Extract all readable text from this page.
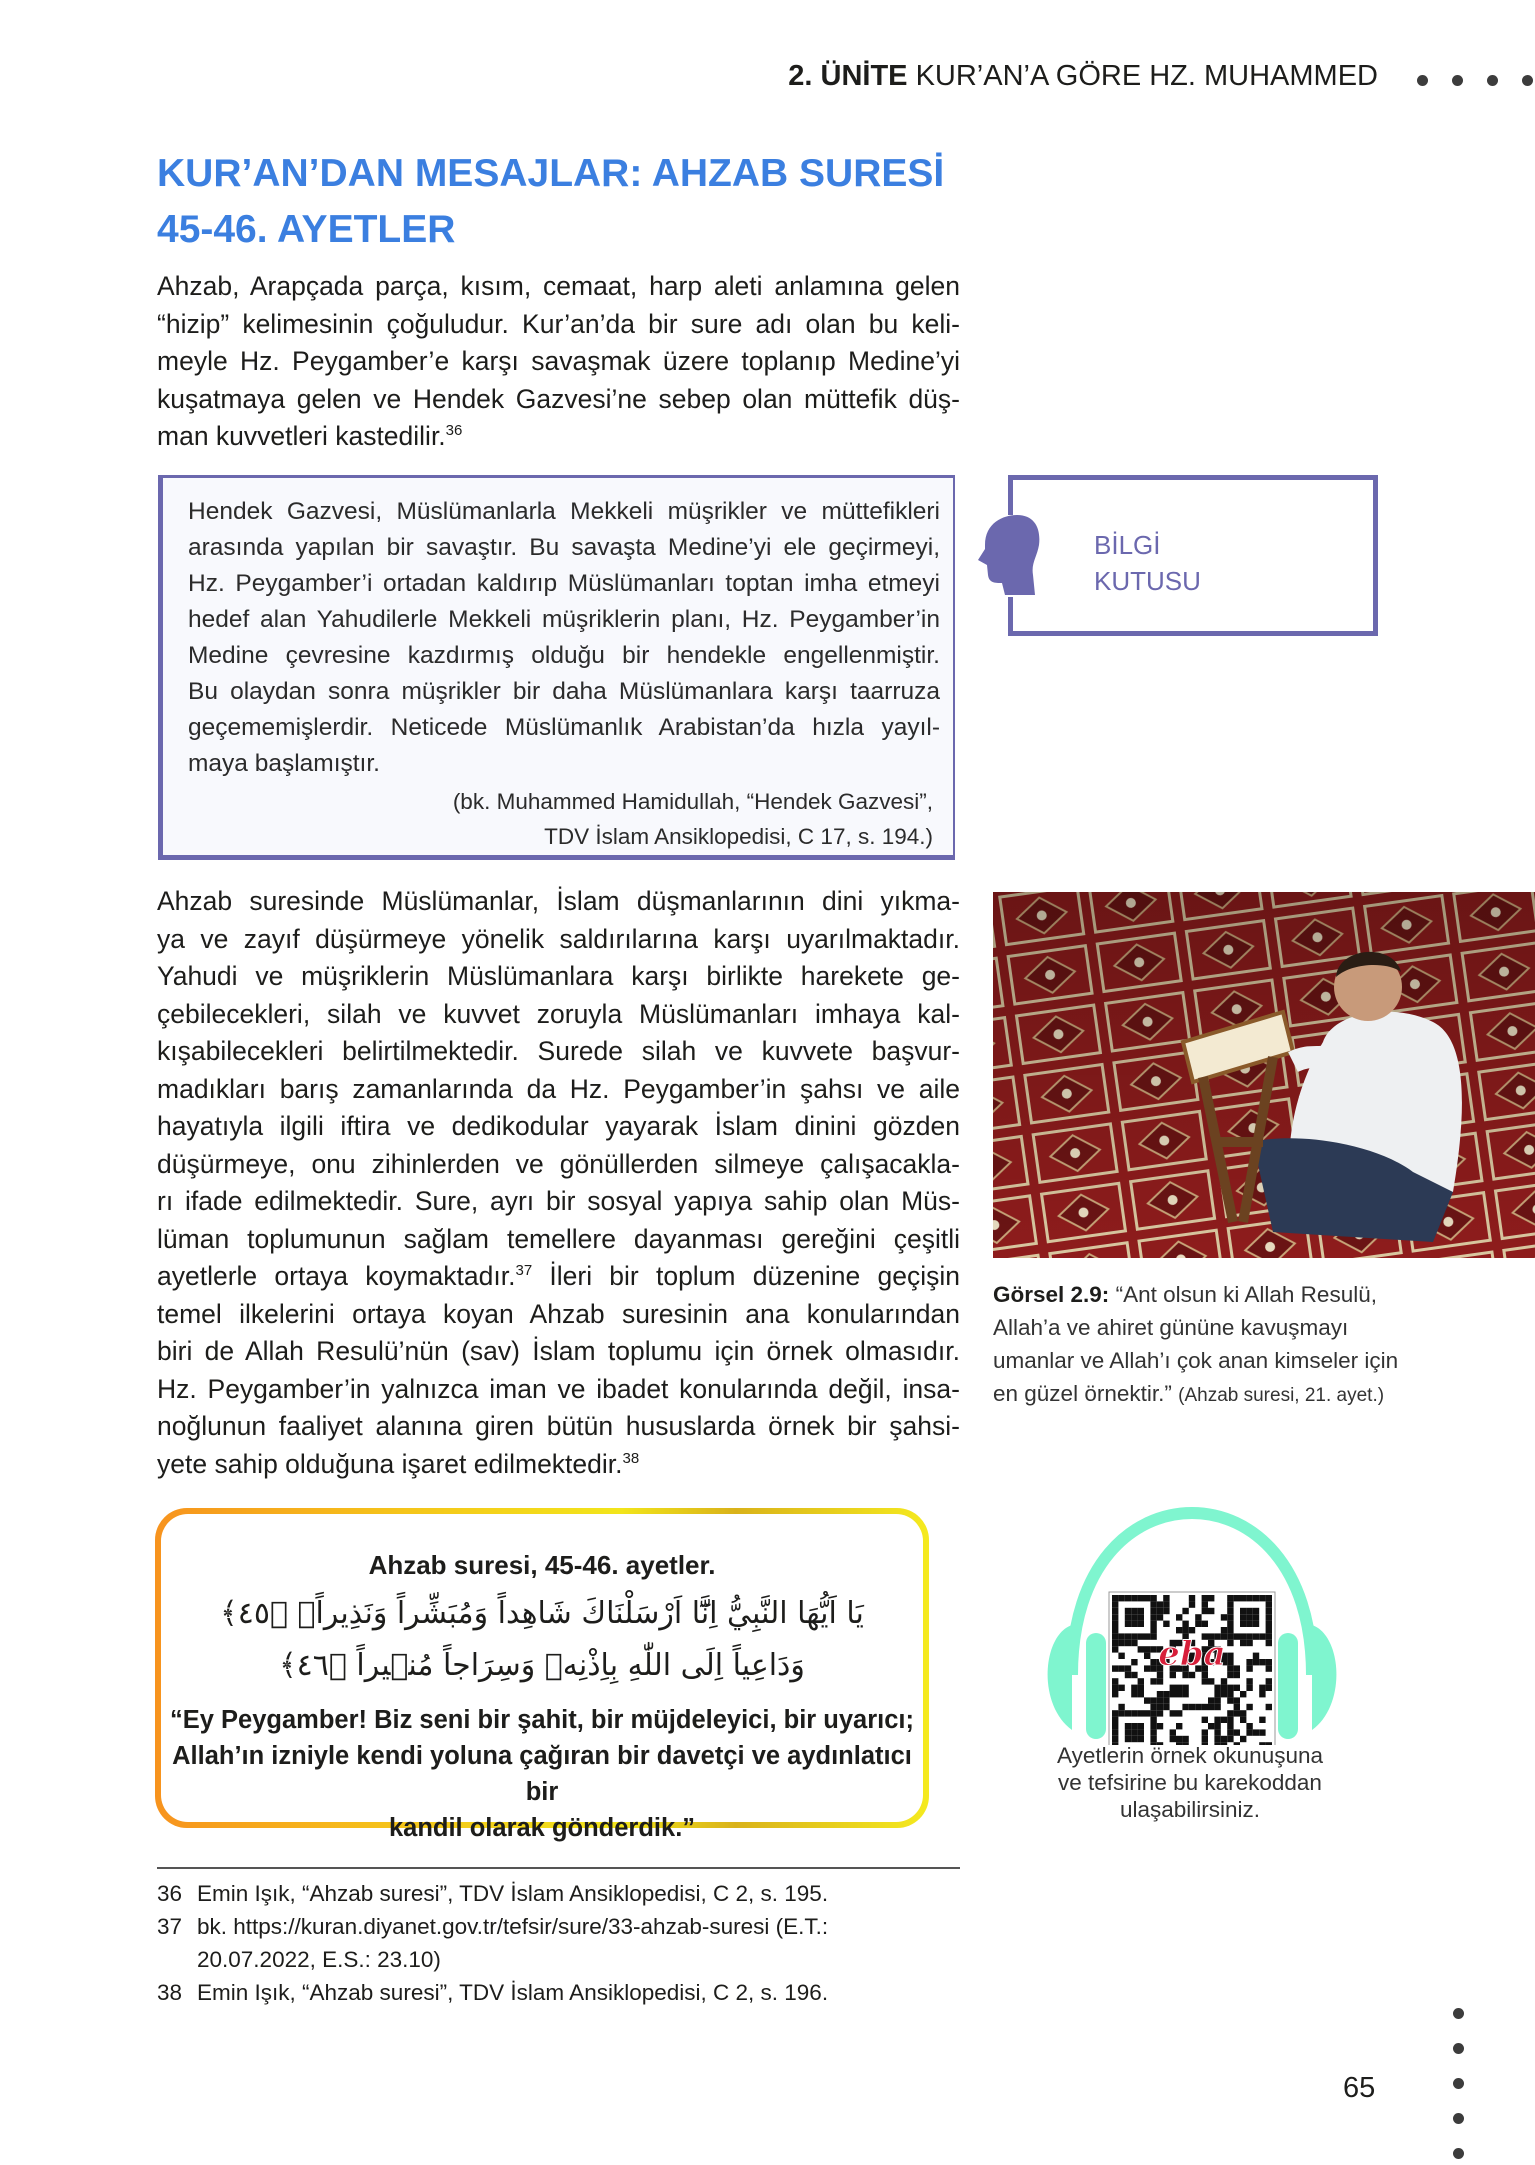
2. ÜNİTE KUR’AN’A GÖRE HZ. MUHAMMED
KUR’AN’DAN MESAJLAR: AHZAB SURESİ
45-46. AYETLER
Ahzab, Arapçada parça, kısım, cemaat, harp aleti anlamına gelen
“hizip” kelimesinin çoğuludur. Kur’an’da bir sure adı olan bu keli-
meyle Hz. Peygamber’e karşı savaşmak üzere toplanıp Medine’yi
kuşatmaya gelen ve Hendek Gazvesi’ne sebep olan müttefik düş-
man kuvvetleri kastedilir.$^{36}$
Hendek Gazvesi, Müslümanlarla Mekkeli müşrikler ve müttefikleri
arasında yapılan bir savaştır. Bu savaşta Medine’yi ele geçirmeyi,
Hz. Peygamber’i ortadan kaldırıp Müslümanları toptan imha etmeyi
hedef alan Yahudilerle Mekkeli müşriklerin planı, Hz. Peygamber’in
Medine çevresine kazdırmış olduğu bir hendekle engellenmiştir.
Bu olaydan sonra müşrikler bir daha Müslümanlara karşı taarruza
geçememişlerdir. Neticede Müslümanlık Arabistan’da hızla yayıl-
maya başlamıştır.
(bk. Muhammed Hamidullah, “Hendek Gazvesi”,
TDV İslam Ansiklopedisi, C 17, s. 194.)
BİLGİ
KUTUSU
Görsel 2.9: “Ant olsun ki Allah Resulü,
Allah’a ve ahiret gününe kavuşmayı
umanlar ve Allah’ı çok anan kimseler için
en güzel örnektir.” (Ahzab suresi, 21. ayet.)
Ahzab suresinde Müslümanlar, İslam düşmanlarının dini yıkma-
ya ve zayıf düşürmeye yönelik saldırılarına karşı uyarılmaktadır.
Yahudi ve müşriklerin Müslümanlara karşı birlikte harekete ge-
çebilecekleri, silah ve kuvvet zoruyla Müslümanları imhaya kal-
kışabilecekleri belirtilmektedir. Surede silah ve kuvvete başvur-
madıkları barış zamanlarında da Hz. Peygamber’in şahsı ve aile
hayatıyla ilgili iftira ve dedikodular yayarak İslam dinini gözden
düşürmeye, onu zihinlerden ve gönüllerden silmeye çalışacakla-
rı ifade edilmektedir. Sure, ayrı bir sosyal yapıya sahip olan Müs-
lüman toplumunun sağlam temellere dayanması gereğini çeşitli
ayetlerle ortaya koymaktadır.$^{37}$ İleri bir toplum düzenine geçişin
temel ilkelerini ortaya koyan Ahzab suresinin ana konularından
biri de Allah Resulü’nün (sav) İslam toplumu için örnek olmasıdır.
Hz. Peygamber’in yalnızca iman ve ibadet konularında değil, insa-
noğlunun faaliyet alanına giren bütün hususlarda örnek bir şahsi-
yete sahip olduğuna işaret edilmektedir.$^{38}$
Ahzab suresi, 45-46. ayetler.
يَا اَيُّهَا النَّبِيُّ اِنَّٓا اَرْسَلْنَاكَ شَاهِداً وَمُبَشِّراً وَنَذِيراًۙ ﴿٤٥﴾
وَدَاعِياً اِلَى اللّٰهِ بِاِذْنِه۪ وَسِرَاجاً مُن۪يراً ﴿٤٦﴾
“Ey Peygamber! Biz seni bir şahit, bir müjdeleyici, bir uyarıcı;
Allah’ın izniyle kendi yoluna çağıran bir davetçi ve aydınlatıcı bir
kandil olarak gönderdik.”
eba
Ayetlerin örnek okunuşuna
ve tefsirine bu karekoddan
ulaşabilirsiniz.
36 Emin Işık, “Ahzab suresi”, TDV İslam Ansiklopedisi, C 2, s. 195.
37 bk. https://kuran.diyanet.gov.tr/tefsir/sure/33-ahzab-suresi (E.T.:
20.07.2022, E.S.: 23.10)
38 Emin Işık, “Ahzab suresi”, TDV İslam Ansiklopedisi, C 2, s. 196.
65
